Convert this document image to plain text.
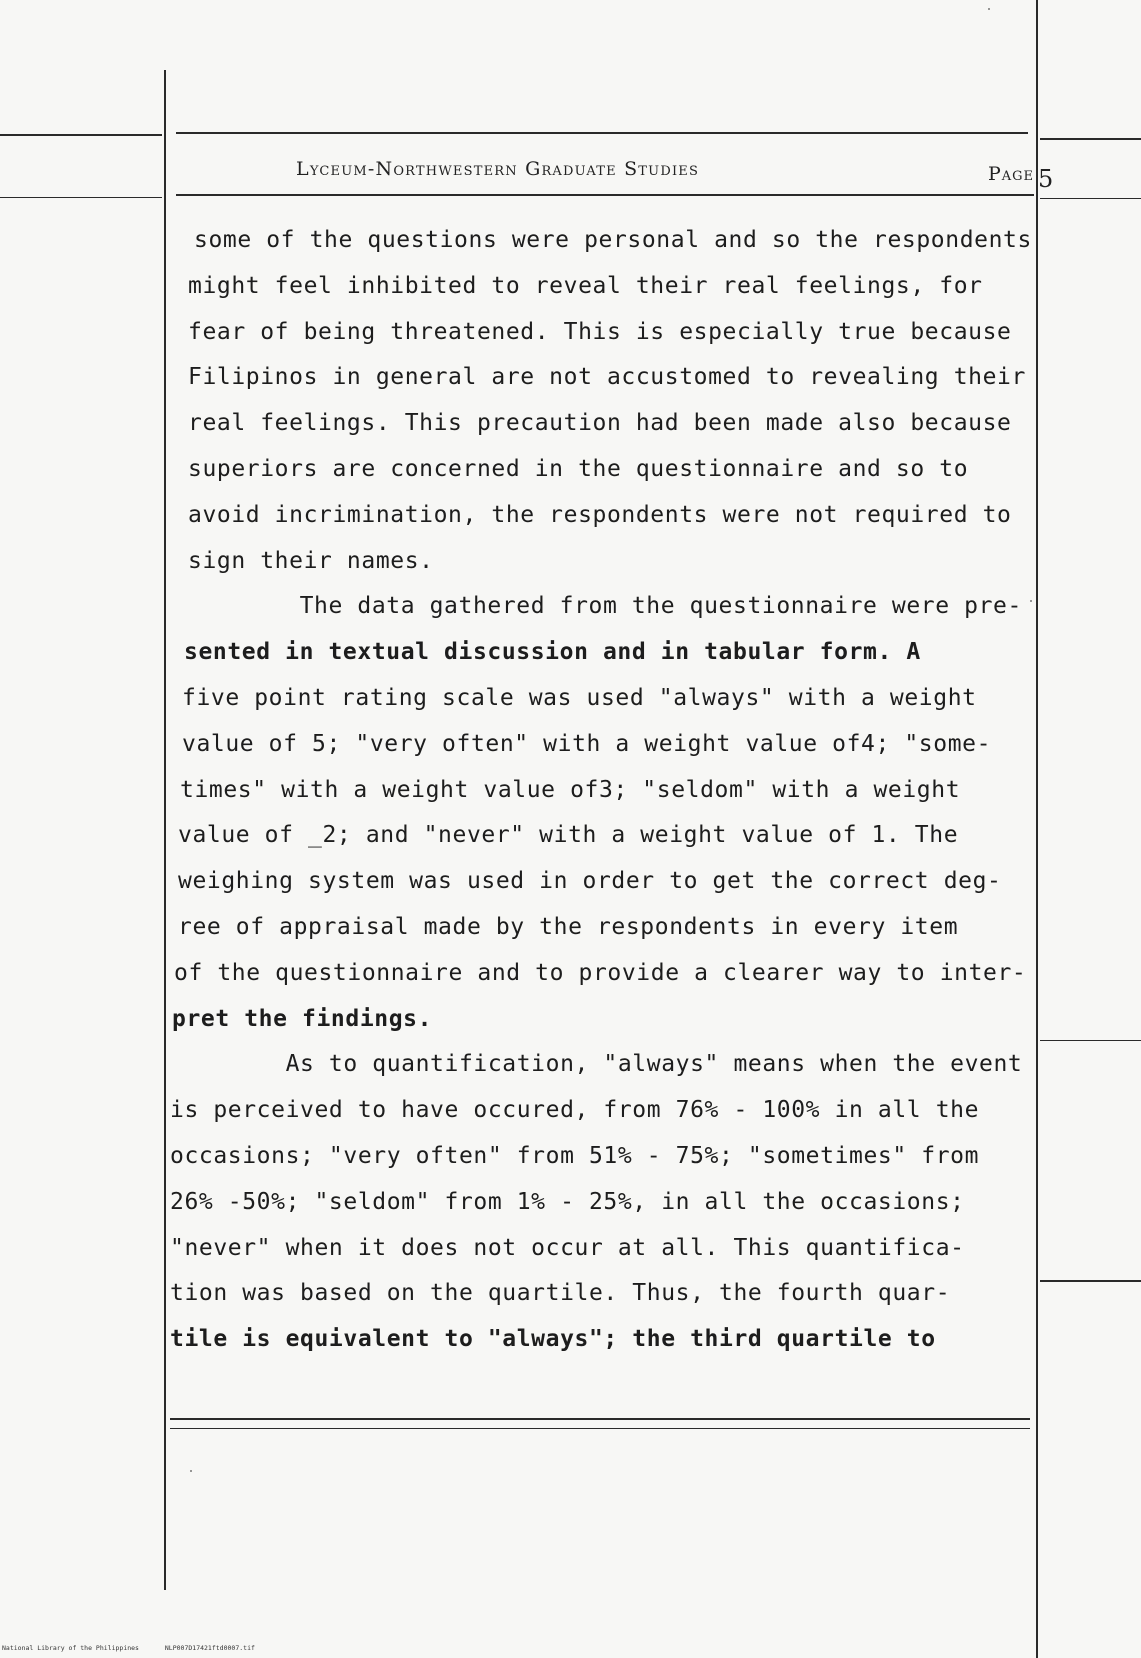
Lyceum-Northwestern Graduate Studies	Page 5
some of the questions were personal and so the respondents
might feel inhibited to reveal their real feelings, for
fear of being threatened. This is especially true because
Filipinos in general are not accustomed to revealing their
real feelings. This precaution had been made also because
superiors are concerned in the questionnaire and so to
avoid incrimination, the respondents were not required to
sign their names.
The data gathered from the questionnaire were pre-
sented in textual discussion and in tabular form. A
five point rating scale was used "always" with a weight
value of 5; "very often" with a weight value of4; "some-
times" with a weight value of3; "seldom" with a weight
value of _2; and "never" with a weight value of 1. The
weighing system was used in order to get the correct deg-
ree of appraisal made by the respondents in every item
of the questionnaire and to provide a clearer way to inter-
pret the findings.
As to quantification, "always" means when the event
is perceived to have occured, from 76% - 100% in all the
occasions; "very often" from 51% - 75%; "sometimes" from
26% -50%; "seldom" from 1% - 25%, in all the occasions;
"never" when it does not occur at all. This quantifica-
tion was based on the quartile. Thus, the fourth quar-
tile is equivalent to "always"; the third quartile to
National Library of the Philippines	NLP007D17421ftd0007.tif
